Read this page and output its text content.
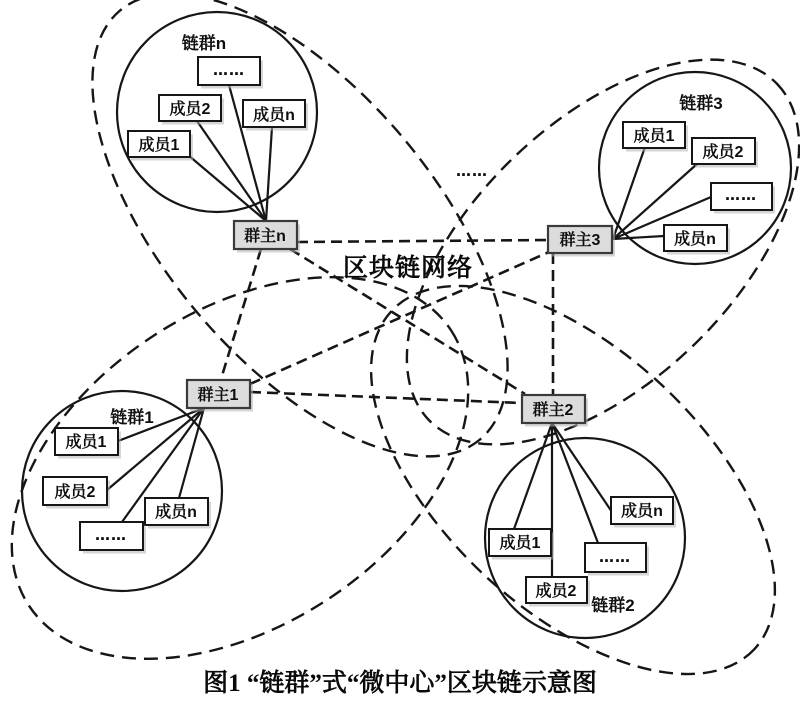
……
成员2	成员n
成员1
群主n
链群n
成员1
成员2
……
成员n
群主3
链群3
群主1
成员1
成员2
成员n
……
链群1	群主2
成员n
成员1
……
成员2
链群2
区块链网络
……
图1 “链群”式“微中心”区块链示意图
